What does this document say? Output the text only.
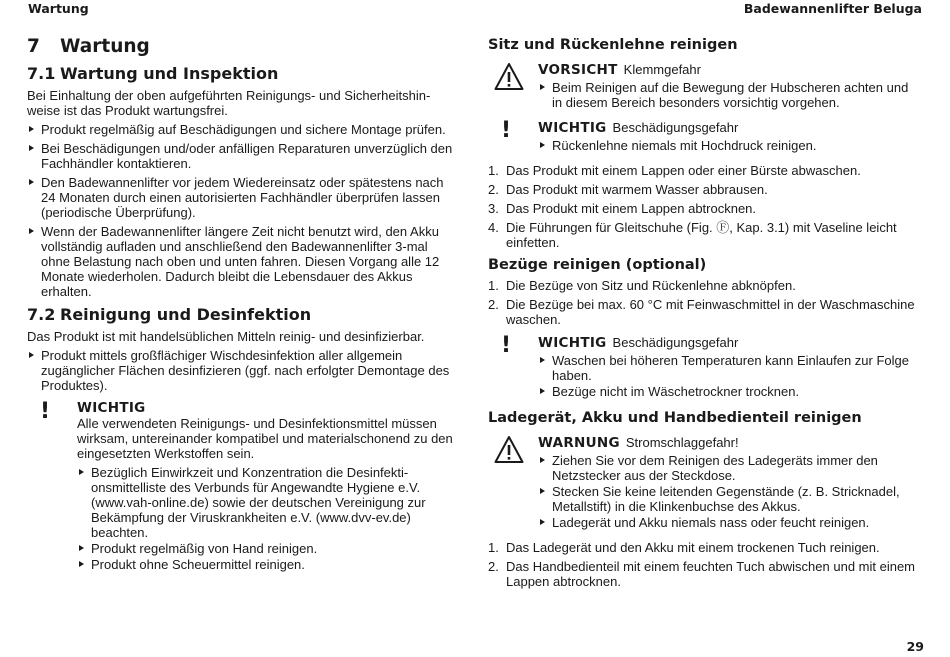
Wartung	Badewannenlifter Beluga
7 Wartung
7.1 Wartung und Inspektion

Bei Einhaltung der oben aufgeführten Reinigungs- und Sicherheitshin-weise ist das Produkt wartungsfrei.

Produkt regelmäßig auf Beschädigungen und sichere Montage prüfen.
Bei Beschädigungen und/oder anfälligen Reparaturen unverzüglich den Fachhändler kontaktieren.
Den Badewannenlifter vor jedem Wiedereinsatz oder spätestens nach 24 Monaten durch einen autorisierten Fachhändler überprüfen lassen (periodische Überprüfung).
Wenn der Badewannenlifter längere Zeit nicht benutzt wird, den Akku vollständig aufladen und anschließend den Badewannenlifter 3-mal ohne Belastung nach oben und unten fahren. Diesen Vorgang alle 12 Monate wiederholen. Dadurch bleibt die Lebensdauer des Akkus erhalten.
7.2 Reinigung und Desinfektion

Das Produkt ist mit handelsüblichen Mitteln reinig- und desinfizierbar.

Produkt mittels großflächiger Wischdesinfektion aller allgemein zugänglicher Flächen desinfizieren (ggf. nach erfolgter Demontage des Produktes).
! WICHTIG

Alle verwendeten Reinigungs- und Desinfektionsmittel müssen wirksam, untereinander kompatibel und materialschonend zu den eingesetzten Werkstoffen sein.

Bezüglich Einwirkzeit und Konzentration die Desinfekti-onsmittelliste des Verbunds für Angewandte Hygiene e.V. (www.vah-online.de) sowie der deutschen Vereinigung zur Bekämpfung der Viruskrankheiten e.V. (www.dvv-ev.de) beachten.
Produkt regelmäßig von Hand reinigen.
Produkt ohne Scheuermittel reinigen.
Sitz und Rückenlehne reinigen
VORSICHT Klemmgefahr
Beim Reinigen auf die Bewegung der Hubscheren achten und in diesem Bereich besonders vorsichtig vorgehen.
! WICHTIG Beschädigungsgefahr
Rückenlehne niemals mit Hochdruck reinigen.
1. Das Produkt mit einem Lappen oder einer Bürste abwaschen.
2. Das Produkt mit warmem Wasser abbrausen.
3. Das Produkt mit einem Lappen abtrocknen.
4. Die Führungen für Gleitschuhe (Fig. Ⓕ, Kap. 3.1) mit Vaseline leicht einfetten.
Bezüge reinigen (optional)
1. Die Bezüge von Sitz und Rückenlehne abknöpfen.
2. Die Bezüge bei max. 60 °C mit Feinwaschmittel in der Waschmaschine waschen.
! WICHTIG Beschädigungsgefahr
Waschen bei höheren Temperaturen kann Einlaufen zur Folge haben.
Bezüge nicht im Wäschetrockner trocknen.
Ladegerät, Akku und Handbedienteil reinigen
WARNUNG Stromschlaggefahr!
Ziehen Sie vor dem Reinigen des Ladegeräts immer den Netzstecker aus der Steckdose.
Stecken Sie keine leitenden Gegenstände (z. B. Stricknadel, Metallstift) in die Klinkenbuchse des Akkus.
Ladegerät und Akku niemals nass oder feucht reinigen.
1. Das Ladegerät und den Akku mit einem trockenen Tuch reinigen.
2. Das Handbedienteil mit einem feuchten Tuch abwischen und mit einem Lappen abtrocknen.
29
